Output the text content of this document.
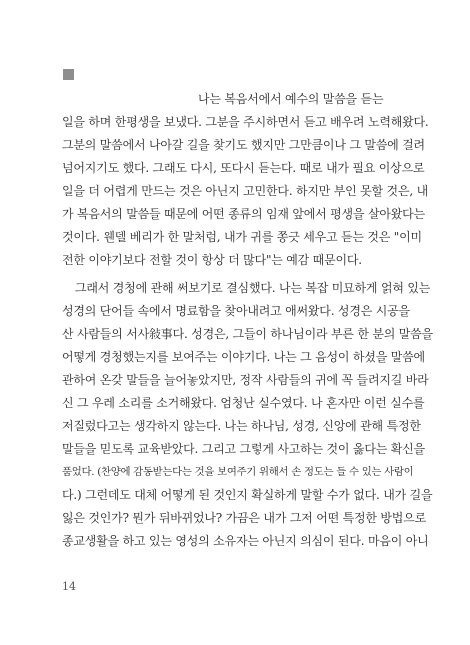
나는 복음서에서 예수의 말씀을 듣는
일을 하며 한평생을 보냈다. 그분을 주시하면서 듣고 배우려 노력해왔다.
그분의 말씀에서 나아갈 길을 찾기도 했지만 그만큼이나 그 말씀에 걸려
넘어지기도 했다. 그래도 다시, 또다시 듣는다. 때로 내가 필요 이상으로
일을 더 어렵게 만드는 것은 아닌지 고민한다. 하지만 부인 못할 것은, 내
가 복음서의 말씀들 때문에 어떤 종류의 임재 앞에서 평생을 살아왔다는
것이다. 웬델 베리가 한 말처럼, 내가 귀를 쫑긋 세우고 듣는 것은 "이미
전한 이야기보다 전할 것이 항상 더 많다"는 예감 때문이다.
그래서 경청에 관해 써보기로 결심했다. 나는 복잡 미묘하게 얽혀 있는
성경의 단어들 속에서 명료함을 찾아내려고 애써왔다. 성경은 시공을
산 사람들의 서사敍事다. 성경은, 그들이 하나님이라 부른 한 분의 말씀을
어떻게 경청했는지를 보여주는 이야기다. 나는 그 음성이 하셨을 말씀에
관하여 온갖 말들을 늘어놓았지만, 정작 사람들의 귀에 꼭 들려지길 바라
신 그 우레 소리를 소거해왔다. 엄청난 실수였다. 나 혼자만 이런 실수를
저질렀다고는 생각하지 않는다. 나는 하나님, 성경, 신앙에 관해 특정한
말들을 믿도록 교육받았다. 그리고 그렇게 사고하는 것이 옳다는 확신을
품었다. (찬양에 감동받는다는 것을 보여주기 위해서 손 정도는 들 수 있는 사람이
다.) 그런데도 대체 어떻게 된 것인지 확실하게 말할 수가 없다. 내가 길을
잃은 것인가? 뭔가 뒤바뀌었나? 가끔은 내가 그저 어떤 특정한 방법으로
종교생활을 하고 있는 영성의 소유자는 아닌지 의심이 된다. 마음이 아니
14
